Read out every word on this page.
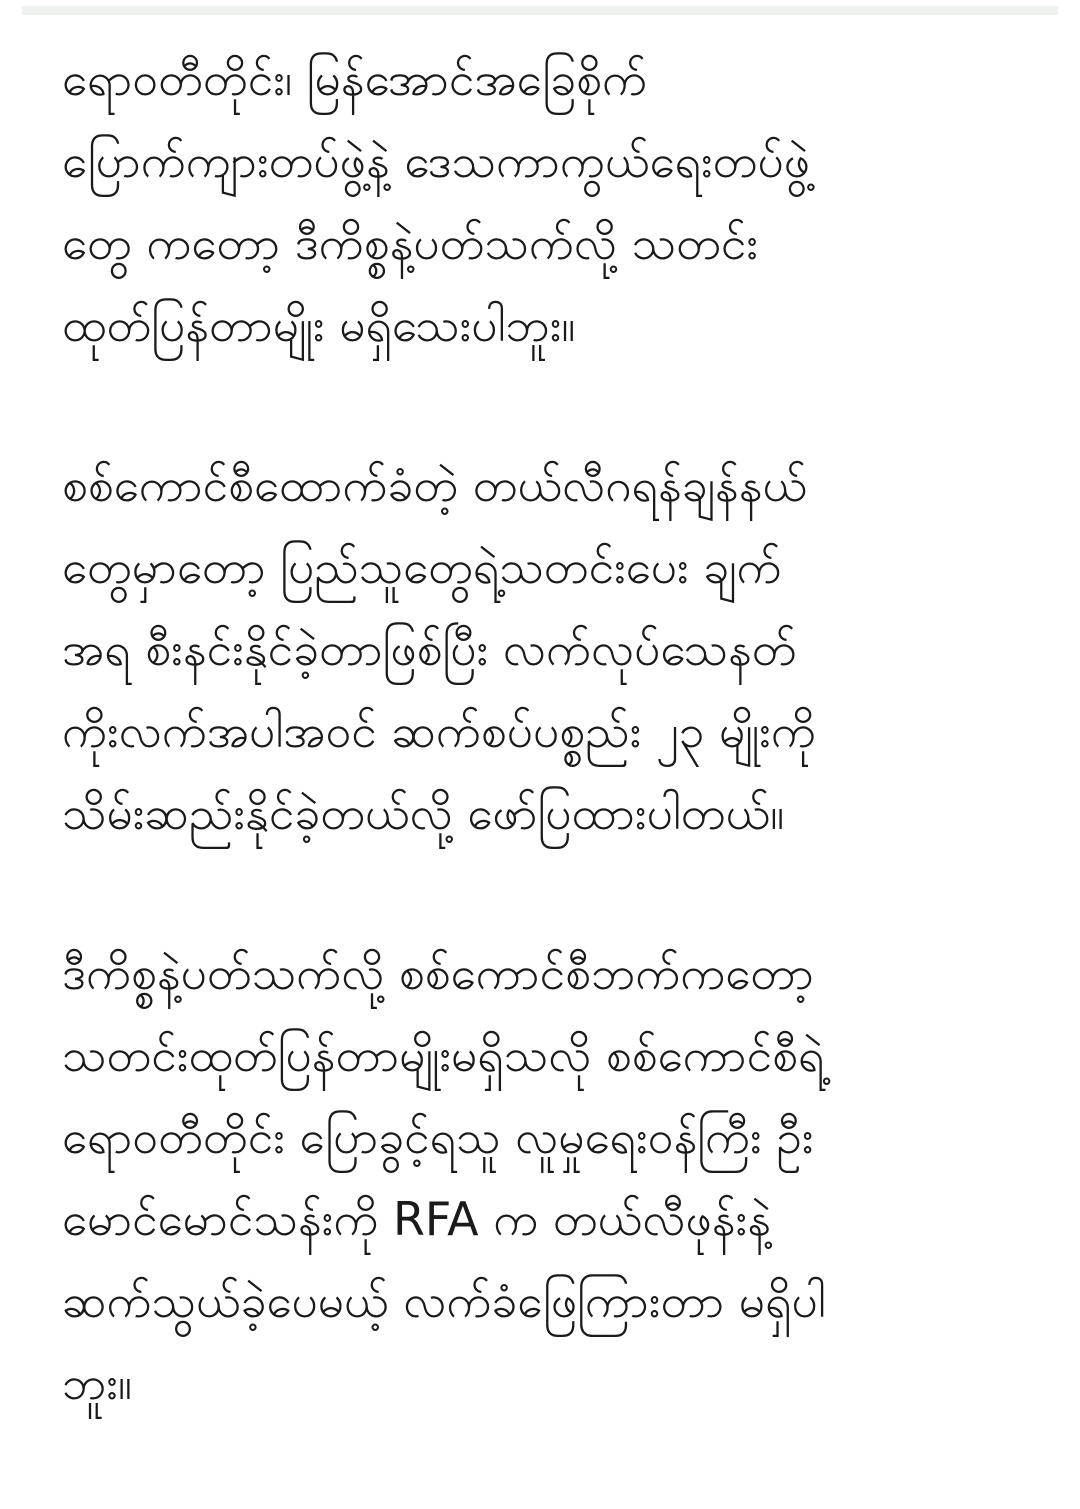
ရောဝတီတိုင်း၊ မြန်အောင်အခြေစိုက်
ပြောက်ကျားတပ်ဖွဲ့နဲ့ ဒေသကာကွယ်ရေးတပ်ဖွဲ့
တွေ ကတော့ ဒီကိစ္စနဲ့ပတ်သက်လို့ သတင်း
ထုတ်ပြန်တာမျိုး မရှိသေးပါဘူး။
စစ်ကောင်စီထောက်ခံတဲ့ တယ်လီဂရန်ချန်နယ်
တွေမှာတော့ ပြည်သူတွေရဲ့သတင်းပေး ချက်
အရ စီးနင်းနိုင်ခဲ့တာဖြစ်ပြီး လက်လုပ်သေနတ်
ကိုးလက်အပါအဝင် ဆက်စပ်ပစ္စည်း ၂၃ မျိုးကို
သိမ်းဆည်းနိုင်ခဲ့တယ်လို့ ဖော်ပြထားပါတယ်။
ဒီကိစ္စနဲ့ပတ်သက်လို့ စစ်ကောင်စီဘက်ကတော့
သတင်းထုတ်ပြန်တာမျိုးမရှိသလို စစ်ကောင်စီရဲ့
ရောဝတီတိုင်း ပြောခွင့်ရသူ လူမှုရေးဝန်ကြီး ဦး
မောင်မောင်သန်းကို RFA က တယ်လီဖုန်းနဲ့
ဆက်သွယ်ခဲ့ပေမယ့် လက်ခံဖြေကြားတာ မရှိပါ
ဘူး။
